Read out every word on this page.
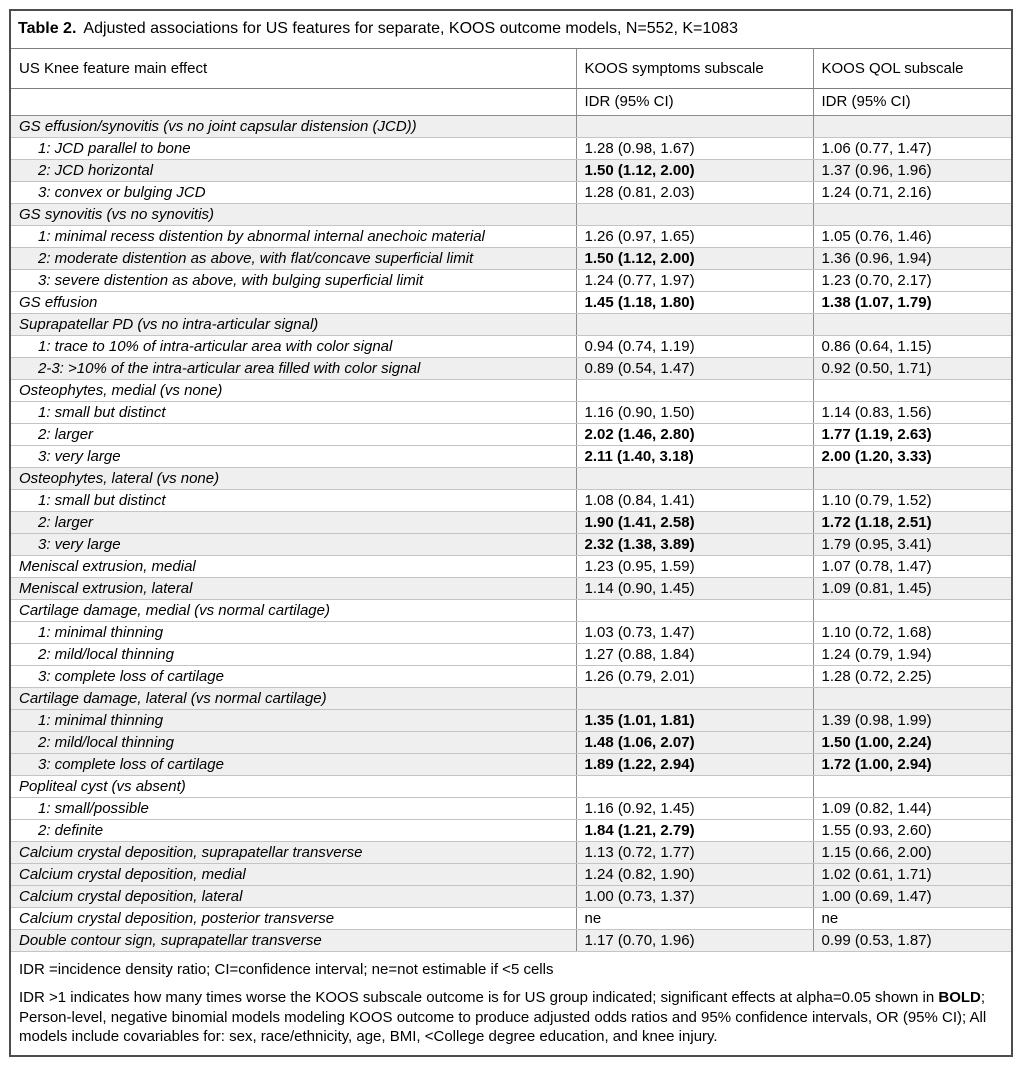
Table 2. Adjusted associations for US features for separate, KOOS outcome models, N=552, K=1083		
US Knee feature main effect	KOOS symptoms subscale	KOOS QOL subscale
	IDR (95% CI)	IDR (95% CI)
GS effusion/synovitis (vs no joint capsular distension (JCD))		
1: JCD parallel to bone	1.28 (0.98, 1.67)	1.06 (0.77, 1.47)
2: JCD horizontal	1.50 (1.12, 2.00)	1.37 (0.96, 1.96)
3: convex or bulging JCD	1.28 (0.81, 2.03)	1.24 (0.71, 2.16)
GS synovitis (vs no synovitis)		
1: minimal recess distention by abnormal internal anechoic material	1.26 (0.97, 1.65)	1.05 (0.76, 1.46)
2: moderate distention as above, with flat/concave superficial limit	1.50 (1.12, 2.00)	1.36 (0.96, 1.94)
3: severe distention as above, with bulging superficial limit	1.24 (0.77, 1.97)	1.23 (0.70, 2.17)
GS effusion	1.45 (1.18, 1.80)	1.38 (1.07, 1.79)
Suprapatellar PD (vs no intra-articular signal)		
1: trace to 10% of intra-articular area with color signal	0.94 (0.74, 1.19)	0.86 (0.64, 1.15)
2-3: >10% of the intra-articular area filled with color signal	0.89 (0.54, 1.47)	0.92 (0.50, 1.71)
Osteophytes, medial (vs none)		
1: small but distinct	1.16 (0.90, 1.50)	1.14 (0.83, 1.56)
2: larger	2.02 (1.46, 2.80)	1.77 (1.19, 2.63)
3: very large	2.11 (1.40, 3.18)	2.00 (1.20, 3.33)
Osteophytes, lateral (vs none)		
1: small but distinct	1.08 (0.84, 1.41)	1.10 (0.79, 1.52)
2: larger	1.90 (1.41, 2.58)	1.72 (1.18, 2.51)
3: very large	2.32 (1.38, 3.89)	1.79 (0.95, 3.41)
Meniscal extrusion, medial	1.23 (0.95, 1.59)	1.07 (0.78, 1.47)
Meniscal extrusion, lateral	1.14 (0.90, 1.45)	1.09 (0.81, 1.45)
Cartilage damage, medial (vs normal cartilage)		
1: minimal thinning	1.03 (0.73, 1.47)	1.10 (0.72, 1.68)
2: mild/local thinning	1.27 (0.88, 1.84)	1.24 (0.79, 1.94)
3: complete loss of cartilage	1.26 (0.79, 2.01)	1.28 (0.72, 2.25)
Cartilage damage, lateral (vs normal cartilage)		
1: minimal thinning	1.35 (1.01, 1.81)	1.39 (0.98, 1.99)
2: mild/local thinning	1.48 (1.06, 2.07)	1.50 (1.00, 2.24)
3: complete loss of cartilage	1.89 (1.22, 2.94)	1.72 (1.00, 2.94)
Popliteal cyst (vs absent)		
1: small/possible	1.16 (0.92, 1.45)	1.09 (0.82, 1.44)
2: definite	1.84 (1.21, 2.79)	1.55 (0.93, 2.60)
Calcium crystal deposition, suprapatellar transverse	1.13 (0.72, 1.77)	1.15 (0.66, 2.00)
Calcium crystal deposition, medial	1.24 (0.82, 1.90)	1.02 (0.61, 1.71)
Calcium crystal deposition, lateral	1.00 (0.73, 1.37)	1.00 (0.69, 1.47)
Calcium crystal deposition, posterior transverse	ne	ne
Double contour sign, suprapatellar transverse	1.17 (0.70, 1.96)	0.99 (0.53, 1.87)
IDR =incidence density ratio; CI=confidence interval; ne=not estimable if <5 cells		
IDR >1 indicates how many times worse the KOOS subscale outcome is for US group indicated; significant effects at alpha=0.05 shown in BOLD; Person-level, negative binomial models modeling KOOS outcome to produce adjusted odds ratios and 95% confidence intervals, OR (95% CI); All models include covariables for: sex, race/ethnicity, age, BMI, <College degree education, and knee injury.		
